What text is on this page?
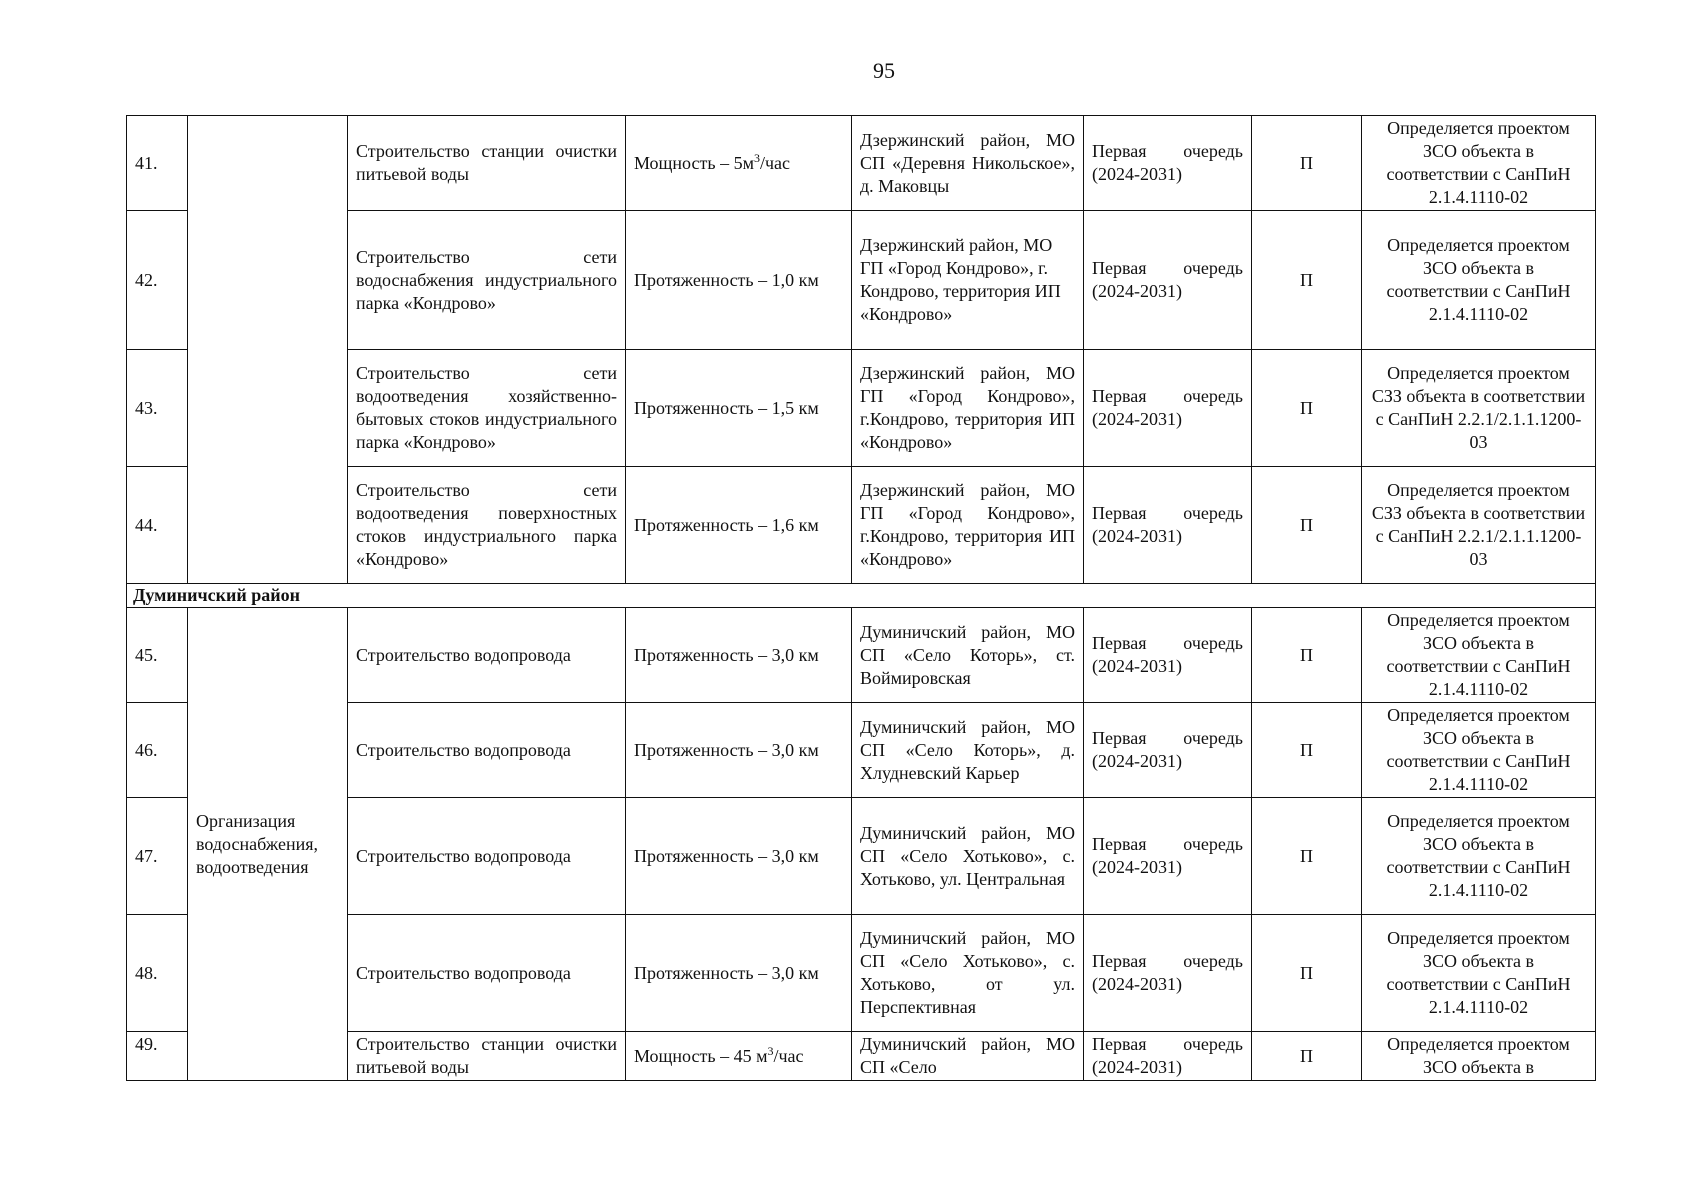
95
41.		Строительство станции очистки питьевой воды	Мощность – $5м^3$/час	Дзержинский район, МО СП «Деревня Никольское», д. Маковцы	Первая очередь (2024-2031)	П	Определяется проектом ЗСО объекта в соответствии с СанПиН 2.1.4.1110-02
42.		Строительство сети водоснабжения индустриального парка «Кондрово»	Протяженность – 1,0 км	Дзержинский район, МО ГП «Город Кондрово», г. Кондрово, территория ИП «Кондрово»	Первая очередь (2024-2031)	П	Определяется проектом ЗСО объекта в соответствии с СанПиН 2.1.4.1110-02
43.		Строительство сети водоотведения хозяйственно-бытовых стоков индустриального парка «Кондрово»	Протяженность – 1,5 км	Дзержинский район, МО ГП «Город Кондрово», г.Кондрово, территория ИП «Кондрово»	Первая очередь (2024-2031)	П	Определяется проектом СЗЗ объекта в соответствии с СанПиН 2.2.1/2.1.1.1200-03
44.		Строительство сети водоотведения поверхностных стоков индустриального парка «Кондрово»	Протяженность – 1,6 км	Дзержинский район, МО ГП «Город Кондрово», г.Кондрово, территория ИП «Кондрово»	Первая очередь (2024-2031)	П	Определяется проектом СЗЗ объекта в соответствии с СанПиН 2.2.1/2.1.1.1200-03
Думиничский район							
45.	Организация водоснабжения, водоотведения	Строительство водопровода	Протяженность – 3,0 км	Думиничский район, МО СП «Село Которь», ст. Воймировская	Первая очередь (2024-2031)	П	Определяется проектом ЗСО объекта в соответствии с СанПиН 2.1.4.1110-02
46.		Строительство водопровода	Протяженность – 3,0 км	Думиничский район, МО СП «Село Которь», д. Хлудневский Карьер	Первая очередь (2024-2031)	П	Определяется проектом ЗСО объекта в соответствии с СанПиН 2.1.4.1110-02
47.		Строительство водопровода	Протяженность – 3,0 км	Думиничский район, МО СП «Село Хотьково», с. Хотьково, ул. Центральная	Первая очередь (2024-2031)	П	Определяется проектом ЗСО объекта в соответствии с СанПиН 2.1.4.1110-02
48.		Строительство водопровода	Протяженность – 3,0 км	Думиничский район, МО СП «Село Хотьково», с. Хотьково, от ул. Перспективная	Первая очередь (2024-2031)	П	Определяется проектом ЗСО объекта в соответствии с СанПиН 2.1.4.1110-02
49.		Строительство станции очистки питьевой воды	Мощность – 45 $м^3$/час	Думиничский район, МО СП «Село	Первая очередь (2024-2031)	П	Определяется проектом ЗСО объекта в
